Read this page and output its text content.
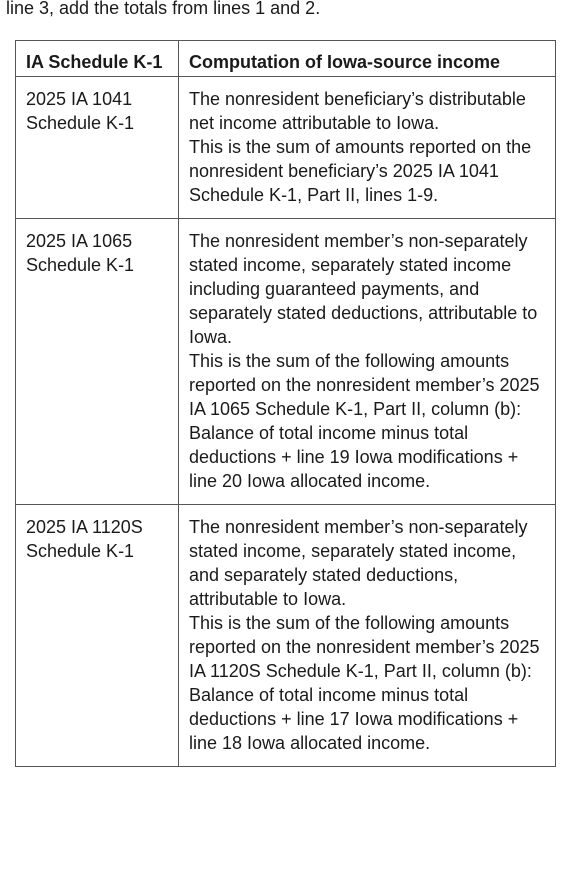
line 3, add the totals from lines 1 and 2.
IA Schedule K-1	Computation of Iowa-source income
2025 IA 1041 Schedule K-1	The nonresident beneficiary’s distributable net income attributable to Iowa.
This is the sum of amounts reported on the nonresident beneficiary’s 2025 IA 1041 Schedule K-1, Part II, lines 1-9.

2025 IA 1065 Schedule K-1	The nonresident member’s non-separately stated income, separately stated income including guaranteed payments, and separately stated deductions, attributable to Iowa.
This is the sum of the following amounts reported on the nonresident member’s 2025 IA 1065 Schedule K-1, Part II, column (b):
Balance of total income minus total deductions + line 19 Iowa modifications + line 20 Iowa allocated income.

2025 IA 1120S Schedule K-1	The nonresident member’s non-separately stated income, separately stated income, and separately stated deductions, attributable to Iowa.
This is the sum of the following amounts reported on the nonresident member’s 2025 IA 1120S Schedule K-1, Part II, column (b):
Balance of total income minus total deductions + line 17 Iowa modifications + line 18 Iowa allocated income.
